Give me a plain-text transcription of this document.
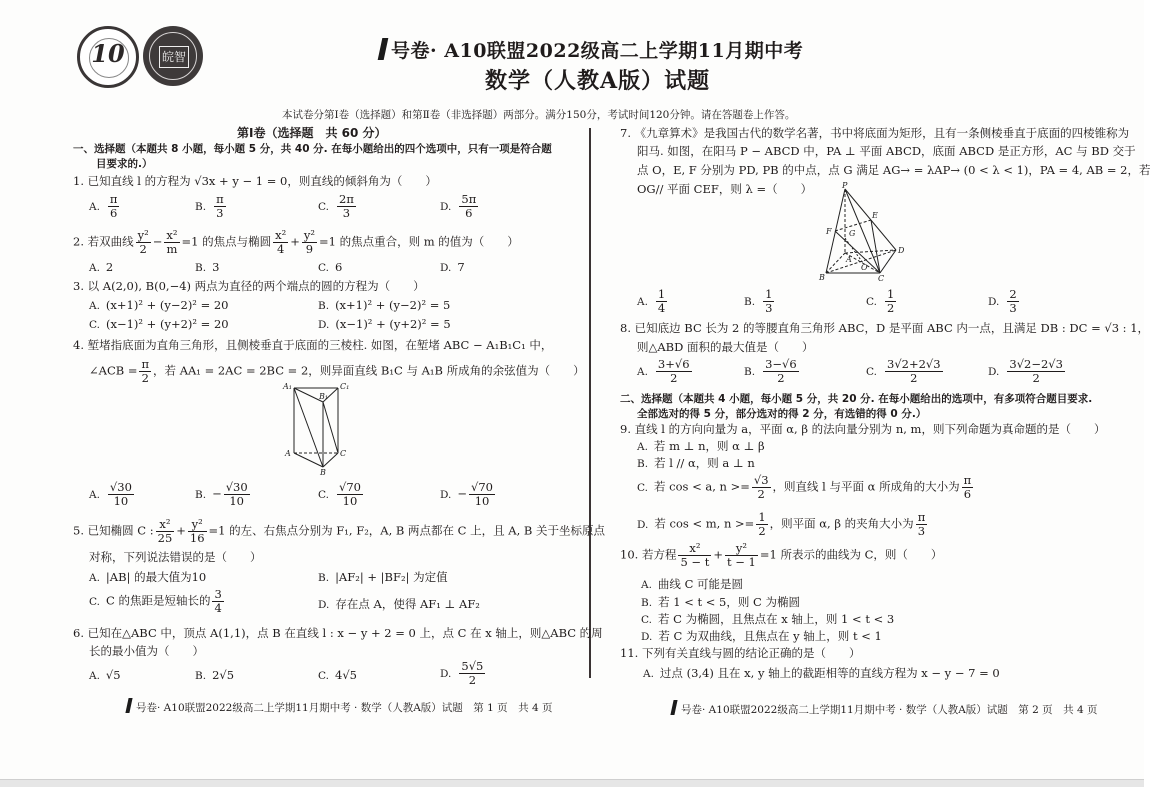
10	皖智	号卷· A10联盟2022级高二上学期11月期中考
数学（人教A版）试题
本试卷分第Ⅰ卷（选择题）和第Ⅱ卷（非选择题）两部分。满分150分，考试时间120分钟。请在答题卷上作答。
第Ⅰ卷（选择题　共 60 分）
一、选择题（本题共 8 小题，每小题 5 分，共 40 分. 在每小题给出的四个选项中，只有一项是符合题
目要求的.）
1. 已知直线 l 的方程为 √3x + y − 1 = 0，则直线的倾斜角为（　　）
A. $\frac{\pi}{6}$	B. $\frac{\pi}{3}$	C. $\frac{2\pi}{3}$	D. $\frac{5\pi}{6}$
2. 若双曲线 $\frac{\text{y²}}{2} - \frac{\text{x²}}{m} =1$ 的焦点与椭圆 $\frac{\text{x²}}{4} + \frac{\text{y²}}{9} =1$ 的焦点重合，则 m 的值为（　　）
A. 2	B. 3	C. 6	D. 7
3. 以 A(2,0), B(0,−4) 两点为直径的两个端点的圆的方程为（　　）
A. (x+1)² + (y−2)² = 20	B. (x+1)² + (y−2)² = 5
C. (x−1)² + (y+2)² = 20	D. (x−1)² + (y+2)² = 5
4. 堑堵指底面为直角三角形，且侧棱垂直于底面的三棱柱. 如图，在堑堵 ABC − A₁B₁C₁ 中，
∠ACB = $\frac{\pi}{2}$ ，若 AA₁ = 2AC = 2BC = 2，则异面直线 B₁C 与 A₁B 所成角的余弦值为（　　）
A₁	C₁
B₁
A	C
B
A. $\frac{√30}{10}$	B. − $\frac{√30}{10}$	C. $\frac{√70}{10}$	D. − $\frac{√70}{10}$
5. 已知椭圆 C : $\frac{\text{x²}}{25} + \frac{\text{y²}}{16} =1$ 的左、右焦点分别为 F₁, F₂，A, B 两点都在 C 上，且 A, B 关于坐标原点
对称，下列说法错误的是（　　）
A. |AB| 的最大值为10	B. |AF₂| + |BF₂| 为定值
C. C 的焦距是短轴长的 $\frac{3}{4}$	D. 存在点 A，使得 AF₁ ⊥ AF₂
6. 已知在△ABC 中，顶点 A(1,1)，点 B 在直线 l : x − y + 2 = 0 上，点 C 在 x 轴上，则△ABC 的周
长的最小值为（　　）
A. √5	B. 2√5	C. 4√5	D. $\frac{5√5}{2}$
号卷· A10联盟2022级高二上学期11月期中考 · 数学（人教A版）试题　第 1 页　共 4 页
7. 《九章算术》是我国古代的数学名著，书中将底面为矩形，且有一条侧棱垂直于底面的四棱锥称为
阳马. 如图，在阳马 P − ABCD 中，PA ⊥ 平面 ABCD，底面 ABCD 是正方形，AC 与 BD 交于
点 O，E, F 分别为 PD, PB 的中点，点 G 满足 AG→ = λAP→ (0 < λ < 1)，PA = 4, AB = 2，若
OG// 平面 CEF，则 λ =（　　）	P
E
F G
A
D
O
B	C
A. $\frac{1}{4}$	B. $\frac{1}{3}$	C. $\frac{1}{2}$	D. $\frac{2}{3}$
8. 已知底边 BC 长为 2 的等腰直角三角形 ABC，D 是平面 ABC 内一点，且满足 DB : DC = √3 : 1，
则△ABD 面积的最大值是（　　）
A. $\frac{3+√6}{2}$	B. $\frac{3-√6}{2}$	C. $\frac{3√2+2√3}{2}$	D. $\frac{3√2-2√3}{2}$
二、选择题（本题共 4 小题，每小题 5 分，共 20 分. 在每小题给出的选项中，有多项符合题目要求.
全部选对的得 5 分，部分选对的得 2 分，有选错的得 0 分.）
9. 直线 l 的方向向量为 a，平面 α, β 的法向量分别为 n, m，则下列命题为真命题的是（　　）
A. 若 m ⊥ n，则 α ⊥ β
B. 若 l // α，则 a ⊥ n
C. 若 cos < a, $n >= \frac{√3}{2}$ ，则直线 l 与平面 α 所成角的大小为 $\frac{\pi}{6}$
D. 若 cos < m, $n >= \frac{1}{2}$ ，则平面 α, β 的夹角大小为 $\frac{\pi}{3}$
10. 若方程 $\frac{\text{x²}}{5 - t} + \frac{\text{y²}}{t - 1} =1$ 所表示的曲线为 C，则（　　）
A. 曲线 C 可能是圆
B. 若 1 < t < 5，则 C 为椭圆
C. 若 C 为椭圆，且焦点在 x 轴上，则 1 < t < 3
D. 若 C 为双曲线，且焦点在 y 轴上，则 t < 1
11. 下列有关直线与圆的结论正确的是（　　）
A. 过点 (3,4) 且在 x, y 轴上的截距相等的直线方程为 x − y − 7 = 0
号卷· A10联盟2022级高二上学期11月期中考 · 数学（人教A版）试题　第 2 页　共 4 页
